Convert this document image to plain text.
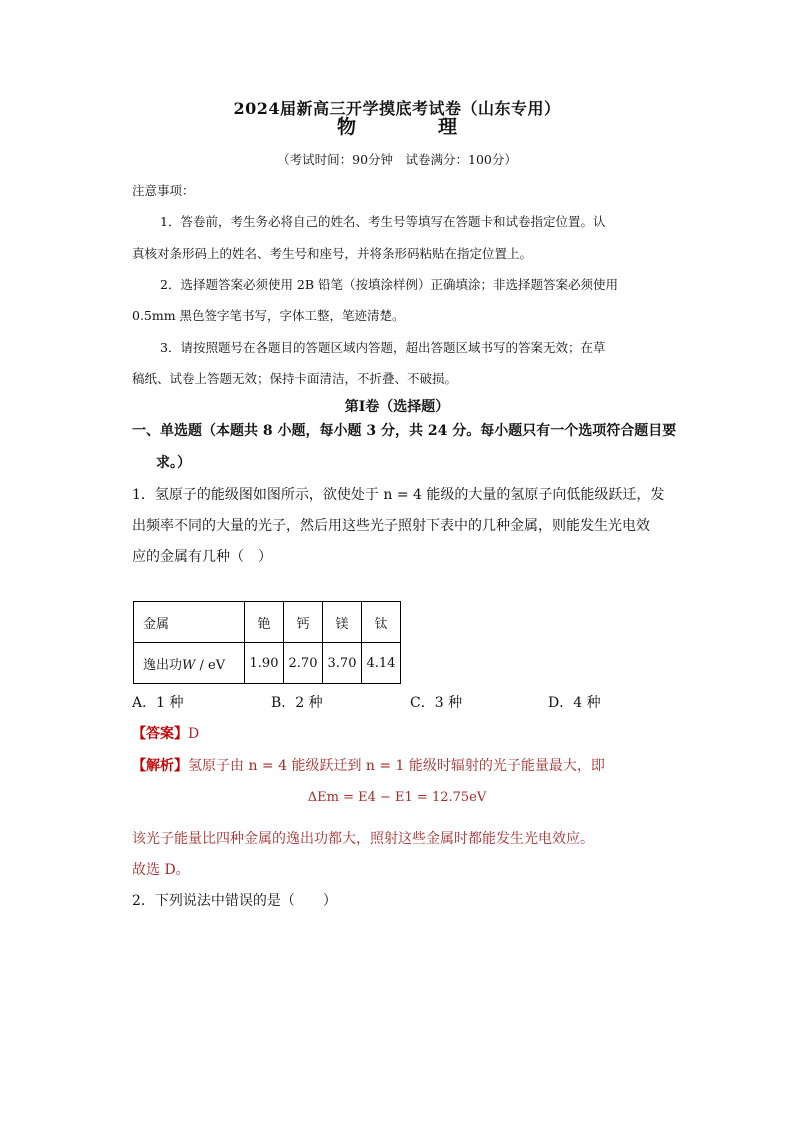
2024届新高三开学摸底考试卷（山东专用）
物	理
（考试时间：90分钟　试卷满分：100分）
注意事项：
1．答卷前，考生务必将自己的姓名、考生号等填写在答题卡和试卷指定位置。认
真核对条形码上的姓名、考生号和座号，并将条形码粘贴在指定位置上。
2．选择题答案必须使用 2B 铅笔（按填涂样例）正确填涂；非选择题答案必须使用
0.5mm 黑色签字笔书写，字体工整，笔迹清楚。
3．请按照题号在各题目的答题区域内答题，超出答题区域书写的答案无效；在草
稿纸、试卷上答题无效；保持卡面清洁，不折叠、不破损。
第Ⅰ卷（选择题）
一、单选题（本题共 8 小题，每小题 3 分，共 24 分。每小题只有一个选项符合题目要
求。）
1．氢原子的能级图如图所示，欲使处于 n = 4 能级的大量的氢原子向低能级跃迁，发
出频率不同的大量的光子，然后用这些光子照射下表中的几种金属，则能发生光电效
应的金属有几种（　）
金属	铯	钙	镁	钛
逸出功W / eV	1.90	2.70	3.70	4.14
A．1 种	B．2 种	C．3 种	D．4 种
【答案】D
【解析】氢原子由 n = 4 能级跃迁到 n = 1 能级时辐射的光子能量最大，即
ΔEm = E4 − E1 = 12.75eV
该光子能量比四种金属的逸出功都大，照射这些金属时都能发生光电效应。
故选 D。
2．下列说法中错误的是（　　）
